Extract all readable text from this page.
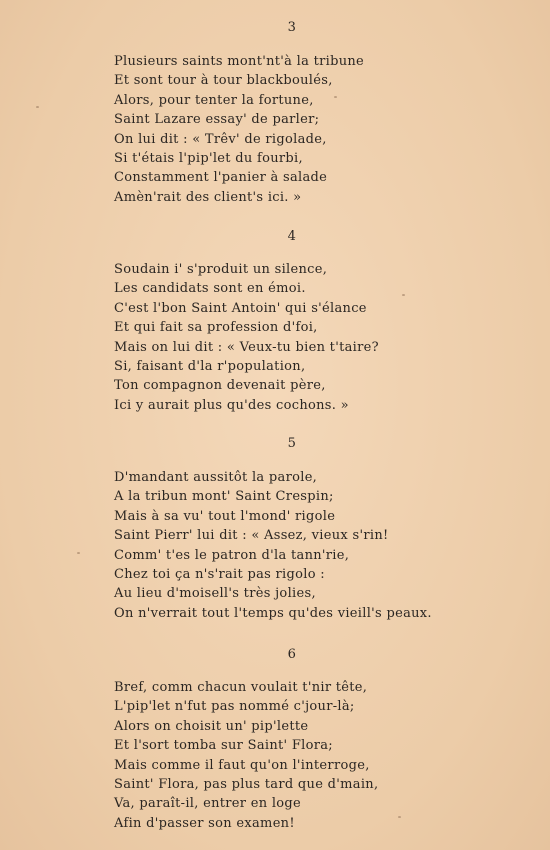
3
Plusieurs saints mont'nt'à la tribune
Et sont tour à tour blackboulés,
Alors, pour tenter la fortune,
Saint Lazare essay' de parler;
On lui dit : « Trêv' de rigolade,
Si t'étais l'pip'let du fourbi,
Constamment l'panier à salade
Amèn'rait des client's ici. »
4
Soudain i' s'produit un silence,
Les candidats sont en émoi.
C'est l'bon Saint Antoin' qui s'élance
Et qui fait sa profession d'foi,
Mais on lui dit : « Veux-tu bien t'taire?
Si, faisant d'la r'population,
Ton compagnon devenait père,
Ici y aurait plus qu'des cochons. »
5
D'mandant aussitôt la parole,
A la tribun mont' Saint Crespin;
Mais à sa vu' tout l'mond' rigole
Saint Pierr' lui dit : « Assez, vieux s'rin!
Comm' t'es le patron d'la tann'rie,
Chez toi ça n's'rait pas rigolo :
Au lieu d'moisell's très jolies,
On n'verrait tout l'temps qu'des vieill's peaux.
6
Bref, comm chacun voulait t'nir tête,
L'pip'let n'fut pas nommé c'jour-là;
Alors on choisit un' pip'lette
Et l'sort tomba sur Saint' Flora;
Mais comme il faut qu'on l'interroge,
Saint' Flora, pas plus tard que d'main,
Va, paraît-il, entrer en loge
Afin d'passer son examen!
